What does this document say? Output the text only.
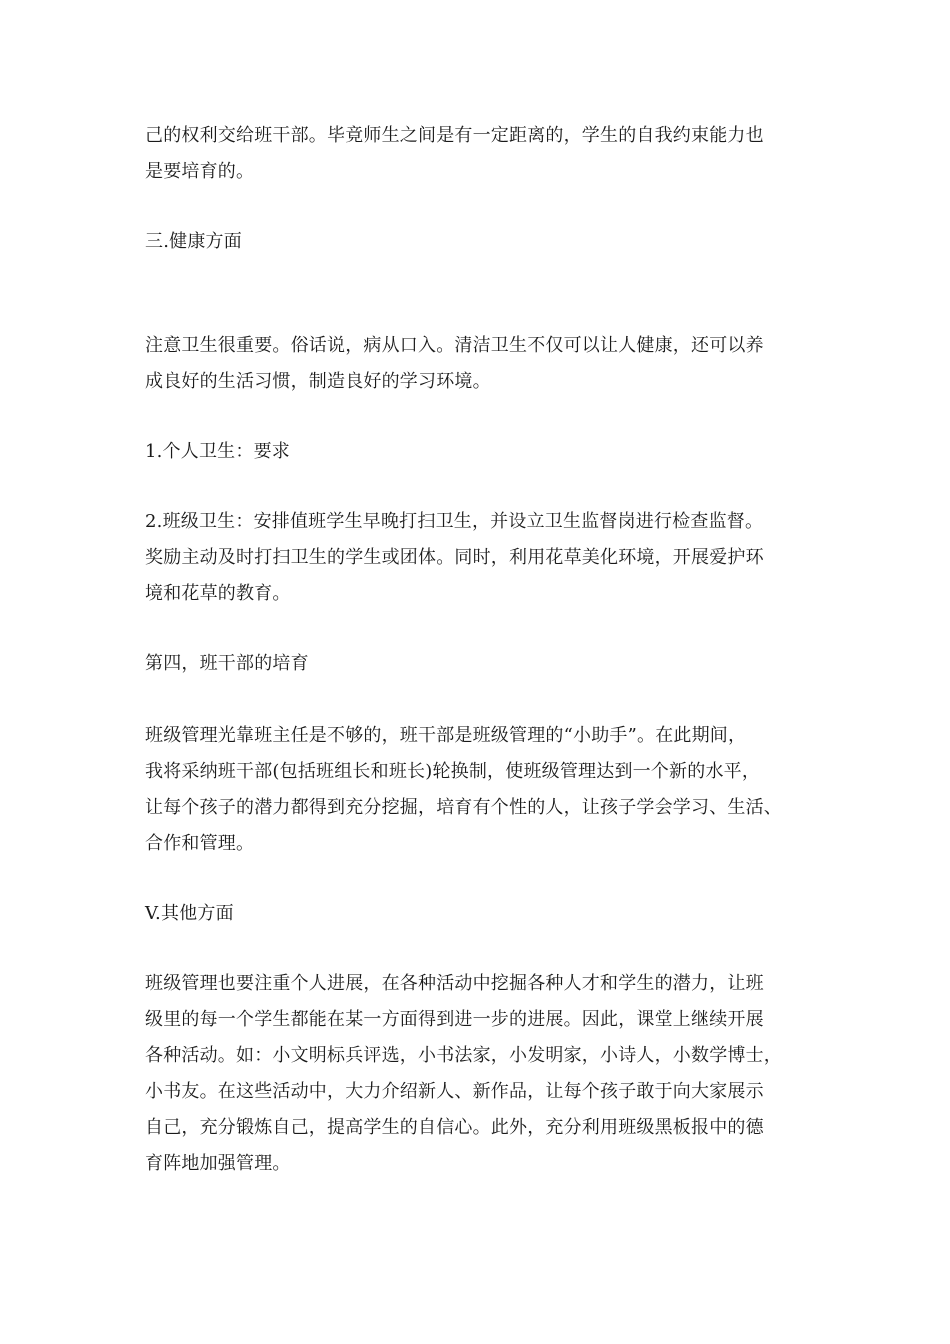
己的权利交给班干部。毕竟师生之间是有一定距离的，学生的自我约束能力也
是要培育的。

三.健康方面

注意卫生很重要。俗话说，病从口入。清洁卫生不仅可以让人健康，还可以养
成良好的生活习惯，制造良好的学习环境。

1.个人卫生：要求

2.班级卫生：安排值班学生早晚打扫卫生，并设立卫生监督岗进行检查监督。
奖励主动及时打扫卫生的学生或团体。同时，利用花草美化环境，开展爱护环
境和花草的教育。

第四，班干部的培育

班级管理光靠班主任是不够的，班干部是班级管理的“小助手”。在此期间，
我将采纳班干部(包括班组长和班长)轮换制，使班级管理达到一个新的水平，
让每个孩子的潜力都得到充分挖掘，培育有个性的人，让孩子学会学习、生活、
合作和管理。

V.其他方面

班级管理也要注重个人进展，在各种活动中挖掘各种人才和学生的潜力，让班
级里的每一个学生都能在某一方面得到进一步的进展。因此，课堂上继续开展
各种活动。如：小文明标兵评选，小书法家，小发明家，小诗人，小数学博士，
小书友。在这些活动中，大力介绍新人、新作品，让每个孩子敢于向大家展示
自己，充分锻炼自己，提高学生的自信心。此外，充分利用班级黑板报中的德
育阵地加强管理。
